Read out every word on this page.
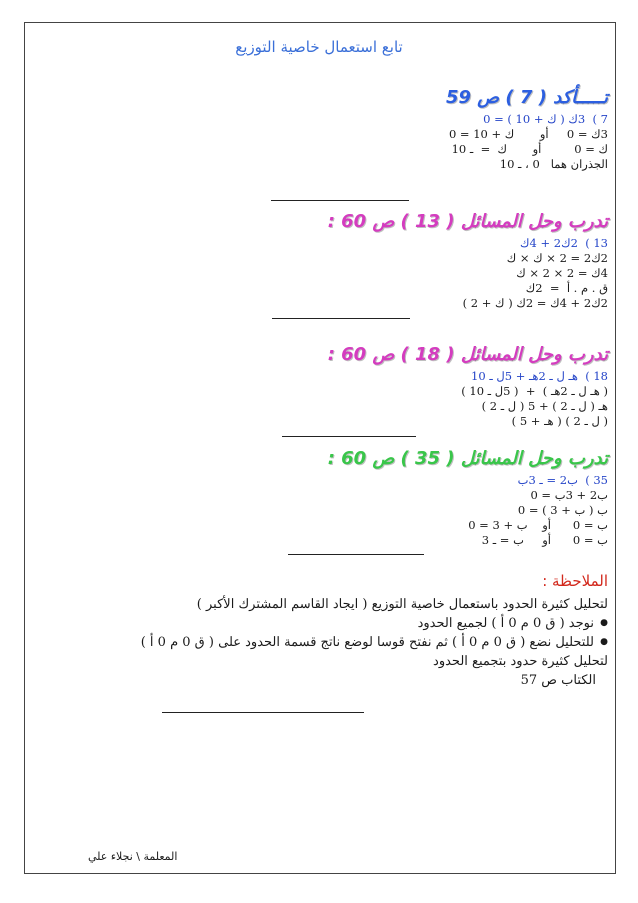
تابع استعمال خاصية التوزيع
تـــــأكد ( 7 ) ص 59
7 )  3ك ( ك + 10 ) = 0
3ك = 0     أو       ك + 10 = 0
ك = 0         أو       ك  =  ـ 10
الجذران هما   0 ، ـ 10
تدرب وحل المسائل ( 13 ) ص 60 :
13 )  2ك2 + 4ك
2ك2 = 2 × ك × ك
4ك = 2 × 2 × ك
ق . م . أ  =  2ك
2ك2 + 4ك = 2ك ( ك + 2 )
تدرب وحل المسائل ( 18 ) ص 60 :
18 )  هـ ل ـ 2هـ + 5ل ـ 10
( هـ ل ـ 2هـ )  +  ( 5ل ـ 10 )
هـ ( ل ـ 2 ) + 5 ( ل ـ 2 )
( ل ـ 2 ) ( هـ + 5 )
تدرب وحل المسائل ( 35 ) ص 60 :
35 )  ب2 = ـ 3ب
ب2 + 3ب = 0
ب ( ب + 3 ) = 0
ب = 0      أو    ب + 3 = 0
ب = 0      أو     ب = ـ 3
الملاحظة :
لتحليل كثيرة الحدود باستعمال خاصية التوزيع ( ايجاد القاسم المشترك الأكبر )
● نوجد ( ق 0 م 0 أ ) لجميع الحدود
● للتحليل نضع ( ق 0 م 0 أ ) ثم نفتح قوسا لوضع ناتج قسمة الحدود على ( ق 0 م 0 أ )
لتحليل كثيرة حدود بتجميع الحدود
الكتاب ص 57
المعلمة \ نجلاء علي
